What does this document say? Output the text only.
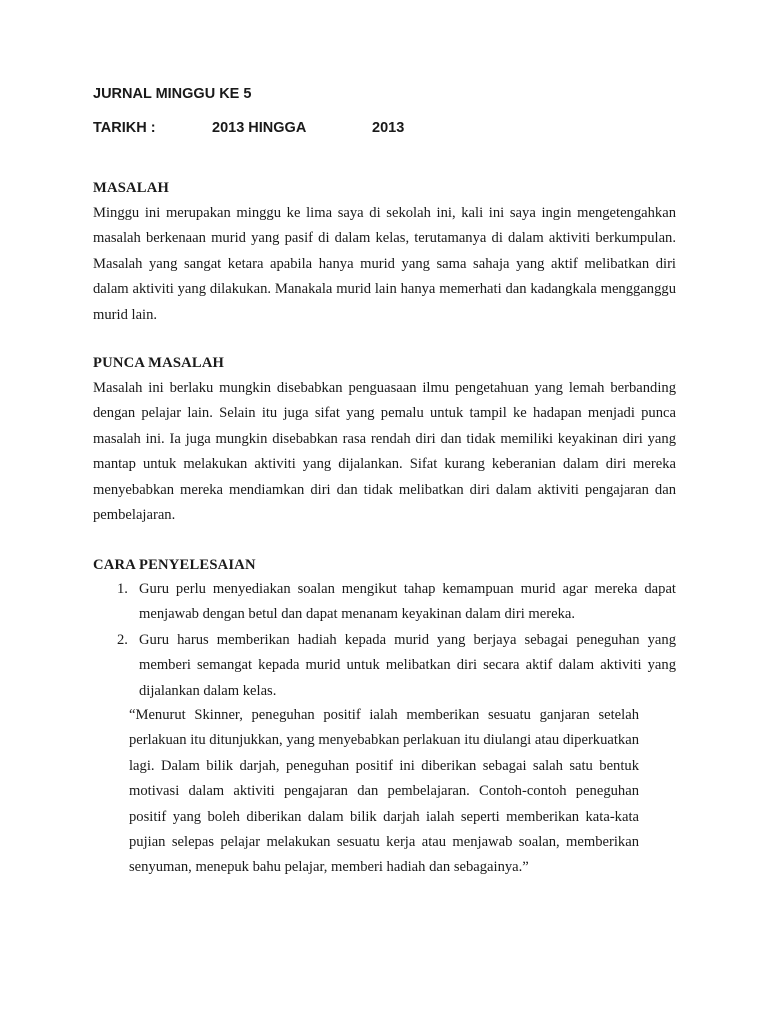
JURNAL MINGGU KE 5
TARIKH :	2013 HINGGA	2013
MASALAH

Minggu ini merupakan minggu ke lima saya di sekolah ini, kali ini saya ingin mengetengahkan masalah berkenaan murid yang pasif di dalam kelas, terutamanya di dalam aktiviti berkumpulan. Masalah yang sangat ketara apabila hanya murid yang sama sahaja yang aktif melibatkan diri dalam aktiviti yang dilakukan. Manakala murid lain hanya memerhati dan kadangkala mengganggu murid lain.

PUNCA MASALAH

Masalah ini berlaku mungkin disebabkan penguasaan ilmu pengetahuan yang lemah berbanding dengan pelajar lain. Selain itu juga sifat yang pemalu untuk tampil ke hadapan menjadi punca masalah ini. Ia juga mungkin disebabkan rasa rendah diri dan tidak memiliki keyakinan diri yang mantap untuk melakukan aktiviti yang dijalankan. Sifat kurang keberanian dalam diri mereka menyebabkan mereka mendiamkan diri dan tidak melibatkan diri dalam aktiviti pengajaran dan pembelajaran.

CARA PENYELESAIAN
1. Guru perlu menyediakan soalan mengikut tahap kemampuan murid agar mereka dapat menjawab dengan betul dan dapat menanam keyakinan dalam diri mereka.
2. Guru harus memberikan hadiah kepada murid yang berjaya sebagai peneguhan yang memberi semangat kepada murid untuk melibatkan diri secara aktif dalam aktiviti yang dijalankan dalam kelas.

“Menurut Skinner, peneguhan positif ialah memberikan sesuatu ganjaran setelah perlakuan itu ditunjukkan, yang menyebabkan perlakuan itu diulangi atau diperkuatkan lagi. Dalam bilik darjah, peneguhan positif ini diberikan sebagai salah satu bentuk motivasi dalam aktiviti pengajaran dan pembelajaran. Contoh-contoh peneguhan positif yang boleh diberikan dalam bilik darjah ialah seperti memberikan kata-kata pujian selepas pelajar melakukan sesuatu kerja atau menjawab soalan, memberikan senyuman, menepuk bahu pelajar, memberi hadiah dan sebagainya.”
